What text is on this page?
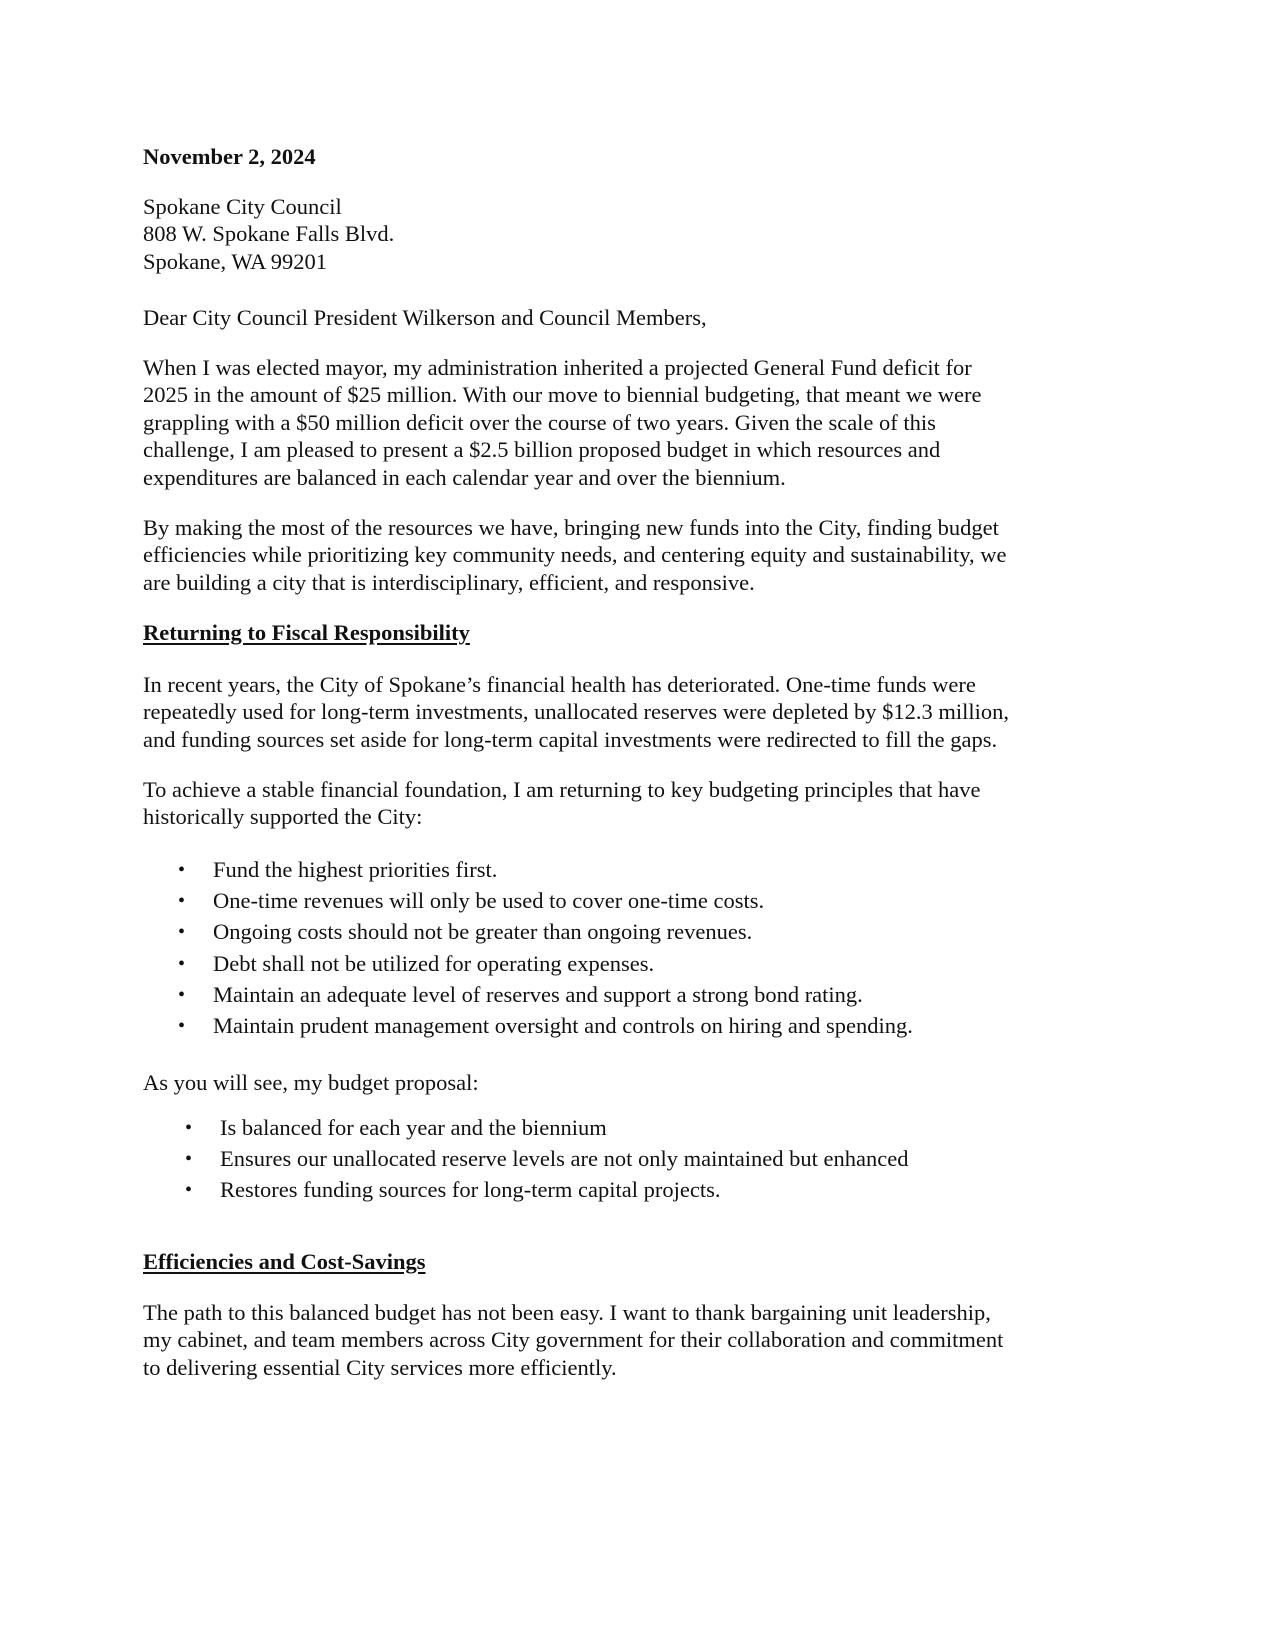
November 2, 2024
Spokane City Council
808 W. Spokane Falls Blvd.
Spokane, WA 99201
Dear City Council President Wilkerson and Council Members,
When I was elected mayor, my administration inherited a projected General Fund deficit for
2025 in the amount of $25 million. With our move to biennial budgeting, that meant we were
grappling with a $50 million deficit over the course of two years. Given the scale of this
challenge, I am pleased to present a $2.5 billion proposed budget in which resources and
expenditures are balanced in each calendar year and over the biennium.
By making the most of the resources we have, bringing new funds into the City, finding budget
efficiencies while prioritizing key community needs, and centering equity and sustainability, we
are building a city that is interdisciplinary, efficient, and responsive.
Returning to Fiscal Responsibility
In recent years, the City of Spokane’s financial health has deteriorated. One-time funds were
repeatedly used for long-term investments, unallocated reserves were depleted by $12.3 million,
and funding sources set aside for long-term capital investments were redirected to fill the gaps.
To achieve a stable financial foundation, I am returning to key budgeting principles that have
historically supported the City:
• Fund the highest priorities first.
• One-time revenues will only be used to cover one-time costs.
• Ongoing costs should not be greater than ongoing revenues.
• Debt shall not be utilized for operating expenses.
• Maintain an adequate level of reserves and support a strong bond rating.
• Maintain prudent management oversight and controls on hiring and spending.
As you will see, my budget proposal:
• Is balanced for each year and the biennium
• Ensures our unallocated reserve levels are not only maintained but enhanced
• Restores funding sources for long-term capital projects.
Efficiencies and Cost-Savings
The path to this balanced budget has not been easy. I want to thank bargaining unit leadership,
my cabinet, and team members across City government for their collaboration and commitment
to delivering essential City services more efficiently.
